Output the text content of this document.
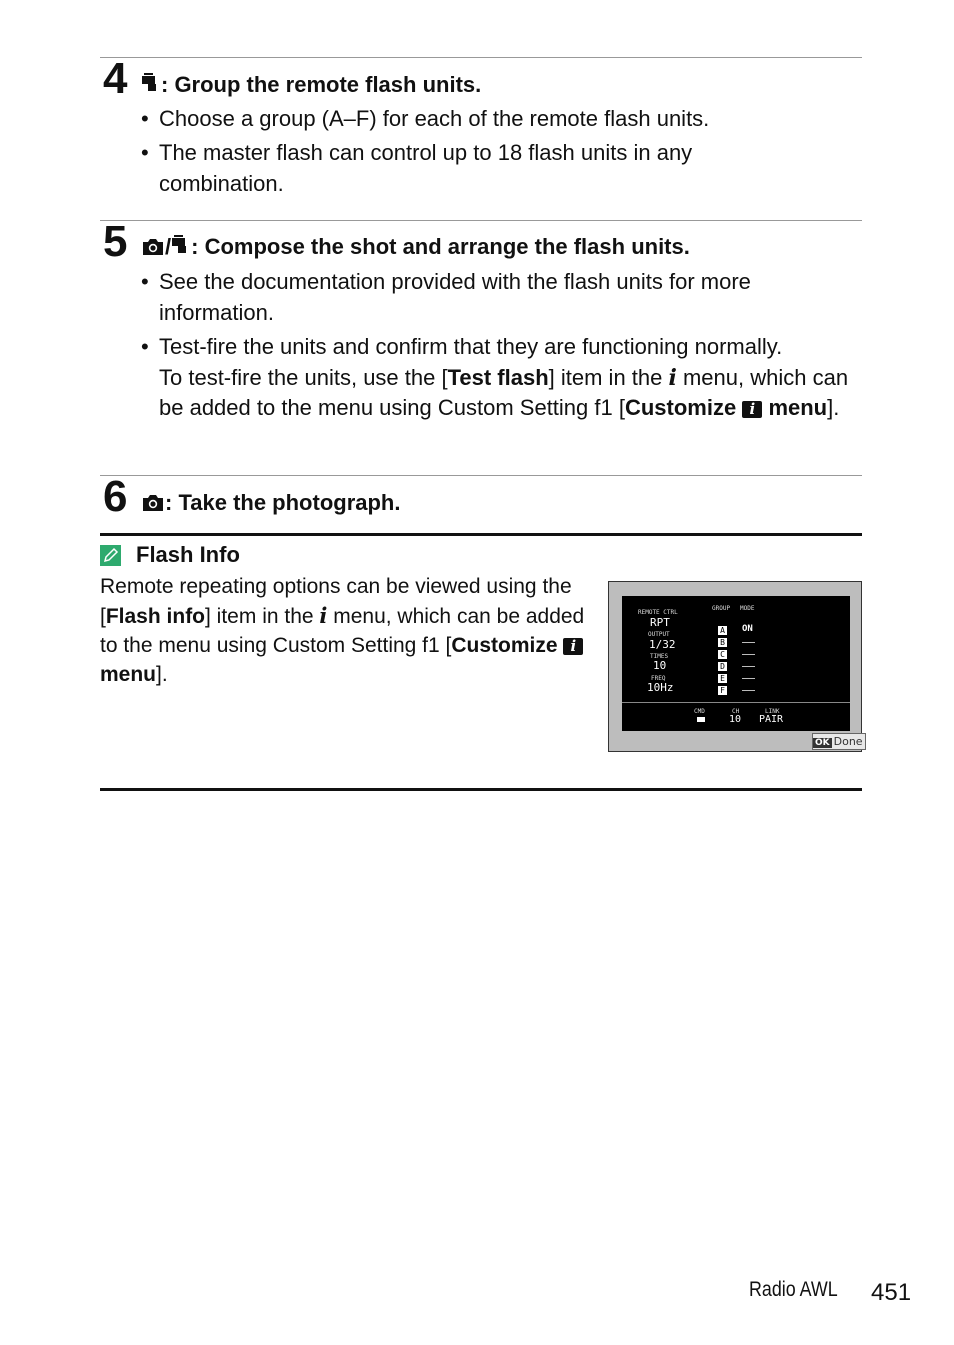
4	: Group the remote flash units.
• Choose a group (A–F) for each of the remote flash units.
• The master flash can control up to 18 flash units in any combination.
5	/ : Compose the shot and arrange the flash units.
• See the documentation provided with the flash units for more information.
• Test-fire the units and confirm that they are functioning normally.
To test-fire the units, use the [Test flash] item in the i menu, which can be added to the menu using Custom Setting f1 [Customize i menu].
6	: Take the photograph.
Flash Info
Remote repeating options can be viewed using the [Flash info] item in the i menu, which can be added to the menu using Custom Setting f1 [Customize i menu].
REMOTE CTRL
RPT
OUTPUT
1/32
TIMES
10
FREQ
10Hz
GROUP MODE
A ON
B
C
D
E
F
CMD	CH
10
LINK
PAIR
OK Done
Radio AWL 451
